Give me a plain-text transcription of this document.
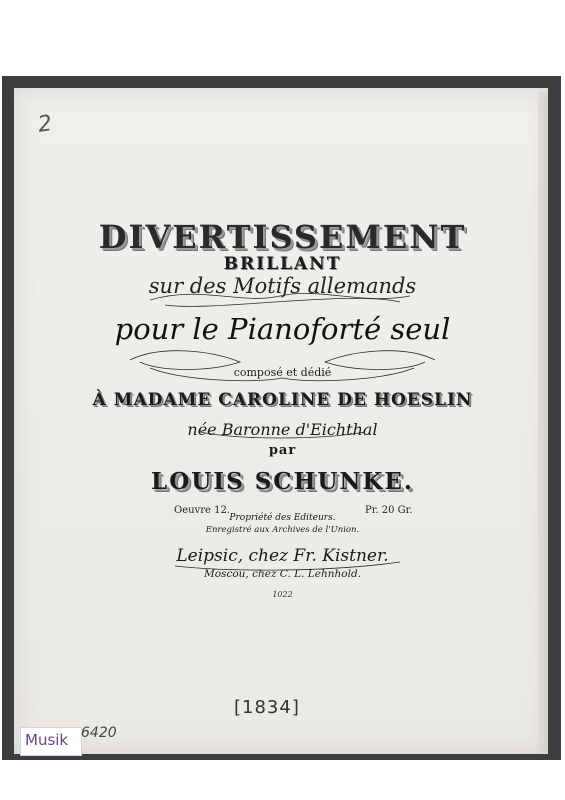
2
DIVERTISSEMENT
BRILLANT
sur des Motifs allemands
pour le Pianoforté seul
composé et dédié
À MADAME CAROLINE DE HOESLIN
née Baronne d'Eichthal
par
LOUIS SCHUNKE.
Oeuvre 12.	Pr. 20 Gr.
Propriété des Editeurs.
Enregistré aux Archives de l'Union.
Leipsic, chez Fr. Kistner.
Moscou, chez C. L. Lehnhold.
1022
[1834]
Musik 6420
